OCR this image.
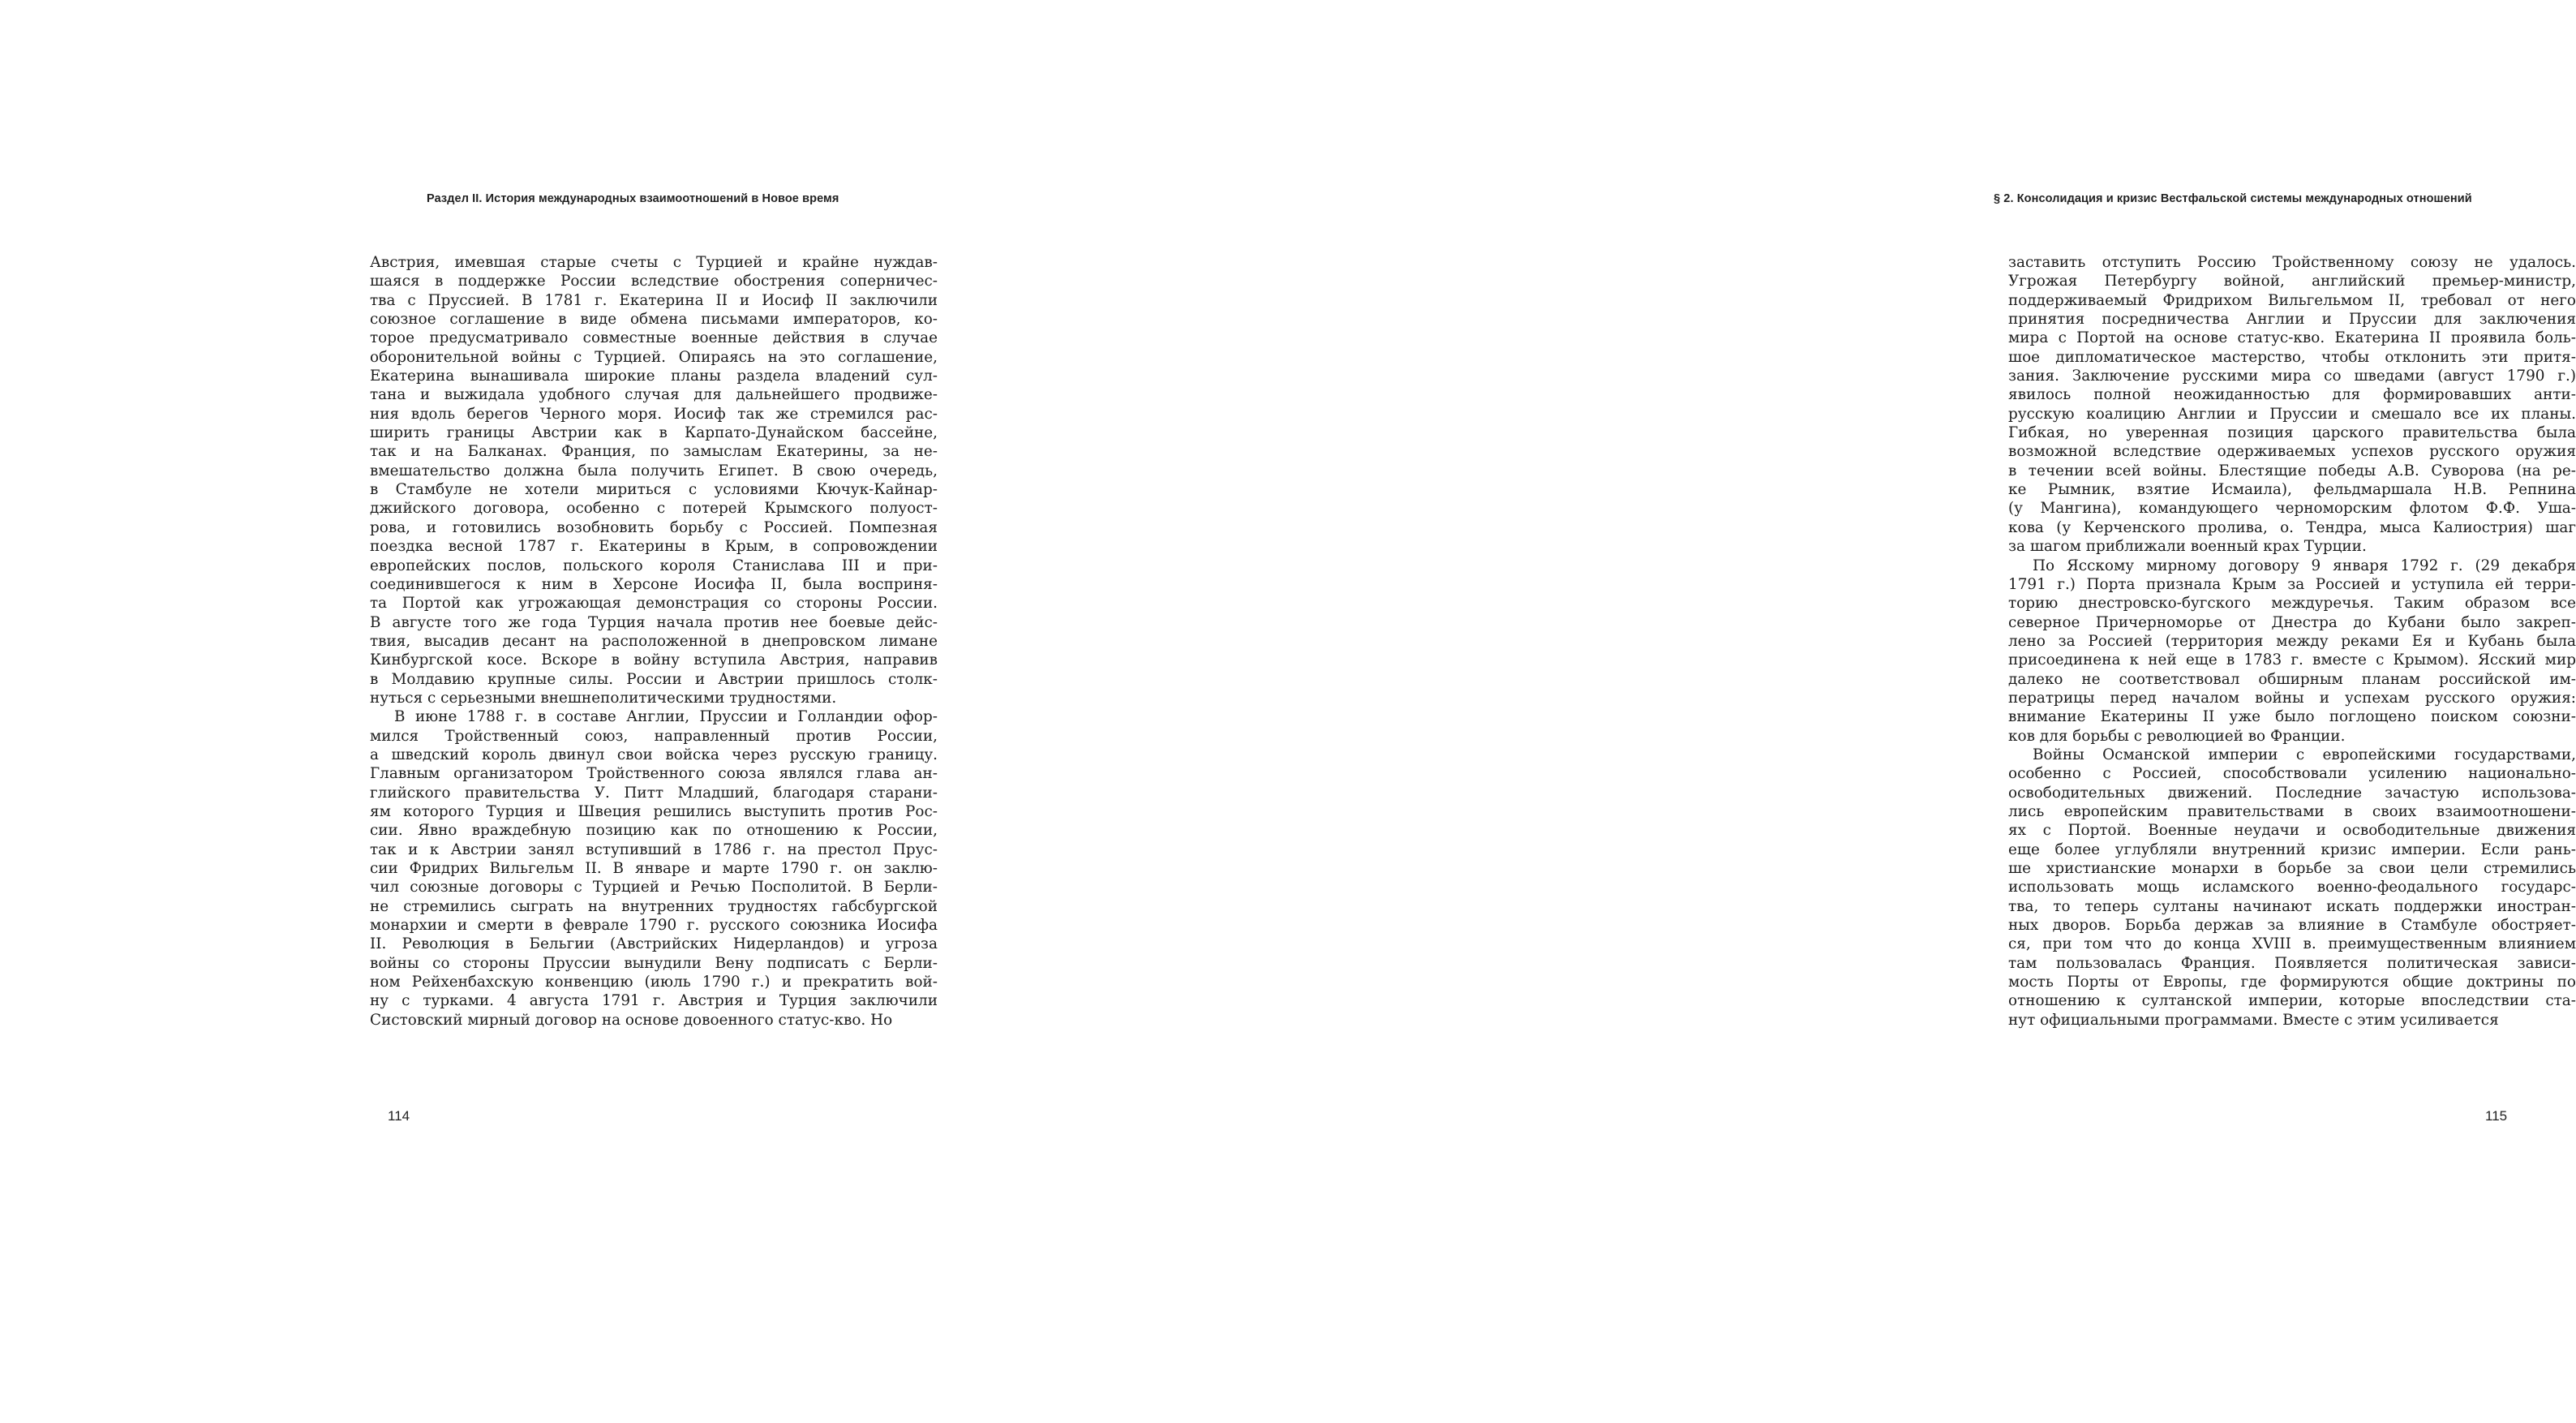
Раздел II. История международных взаимоотношений в Новое время
Австрия, имевшая старые счеты с Турцией и крайне нуждав-
шаяся в поддержке России вследствие обострения соперничес-
тва с Пруссией. В 1781 г. Екатерина II и Иосиф II заключили
союзное соглашение в виде обмена письмами императоров, ко-
торое предусматривало совместные военные действия в случае
оборонительной войны с Турцией. Опираясь на это соглашение,
Екатерина вынашивала широкие планы раздела владений сул-
тана и выжидала удобного случая для дальнейшего продвиже-
ния вдоль берегов Черного моря. Иосиф так же стремился рас-
ширить границы Австрии как в Карпато-Дунайском бассейне,
так и на Балканах. Франция, по замыслам Екатерины, за не-
вмешательство должна была получить Египет. В свою очередь,
в Стамбуле не хотели мириться с условиями Кючук-Кайнар-
джийского договора, особенно с потерей Крымского полуост-
рова, и готовились возобновить борьбу с Россией. Помпезная
поездка весной 1787 г. Екатерины в Крым, в сопровождении
европейских послов, польского короля Станислава III и при-
соединившегося к ним в Херсоне Иосифа II, была восприня-
та Портой как угрожающая демонстрация со стороны России.
В августе того же года Турция начала против нее боевые дейс-
твия, высадив десант на расположенной в днепровском лимане
Кинбургской косе. Вскоре в войну вступила Австрия, направив
в Молдавию крупные силы. России и Австрии пришлось столк-
нуться с серьезными внешнеполитическими трудностями.
В июне 1788 г. в составе Англии, Пруссии и Голландии офор-
мился Тройственный союз, направленный против России,
а шведский король двинул свои войска через русскую границу.
Главным организатором Тройственного союза являлся глава ан-
глийского правительства У. Питт Младший, благодаря старани-
ям которого Турция и Швеция решились выступить против Рос-
сии. Явно враждебную позицию как по отношению к России,
так и к Австрии занял вступивший в 1786 г. на престол Прус-
сии Фридрих Вильгельм II. В январе и марте 1790 г. он заклю-
чил союзные договоры с Турцией и Речью Посполитой. В Берли-
не стремились сыграть на внутренних трудностях габсбургской
монархии и смерти в феврале 1790 г. русского союзника Иосифа
II. Революция в Бельгии (Австрийских Нидерландов) и угроза
войны со стороны Пруссии вынудили Вену подписать с Берли-
ном Рейхенбахскую конвенцию (июль 1790 г.) и прекратить вой-
ну с турками. 4 августа 1791 г. Австрия и Турция заключили
Систовский мирный договор на основе довоенного статус-кво. Но
114
§ 2. Консолидация и кризис Вестфальской системы международных отношений
заставить отступить Россию Тройственному союзу не удалось.
Угрожая Петербургу войной, английский премьер-министр,
поддерживаемый Фридрихом Вильгельмом II, требовал от него
принятия посредничества Англии и Пруссии для заключения
мира с Портой на основе статус-кво. Екатерина II проявила боль-
шое дипломатическое мастерство, чтобы отклонить эти притя-
зания. Заключение русскими мира со шведами (август 1790 г.)
явилось полной неожиданностью для формировавших анти-
русскую коалицию Англии и Пруссии и смешало все их планы.
Гибкая, но уверенная позиция царского правительства была
возможной вследствие одерживаемых успехов русского оружия
в течении всей войны. Блестящие победы А.В. Суворова (на ре-
ке Рымник, взятие Исмаила), фельдмаршала Н.В. Репнина
(у Мангина), командующего черноморским флотом Ф.Ф. Уша-
кова (у Керченского пролива, о. Тендра, мыса Калиострия) шаг
за шагом приближали военный крах Турции.
По Ясскому мирному договору 9 января 1792 г. (29 декабря
1791 г.) Порта признала Крым за Россией и уступила ей терри-
торию днестровско-бугского междуречья. Таким образом все
северное Причерноморье от Днестра до Кубани было закреп-
лено за Россией (территория между реками Ея и Кубань была
присоединена к ней еще в 1783 г. вместе с Крымом). Ясский мир
далеко не соответствовал обширным планам российской им-
ператрицы перед началом войны и успехам русского оружия:
внимание Екатерины II уже было поглощено поиском союзни-
ков для борьбы с революцией во Франции.
Войны Османской империи с европейскими государствами,
особенно с Россией, способствовали усилению национально-
освободительных движений. Последние зачастую использова-
лись европейским правительствами в своих взаимоотношени-
ях с Портой. Военные неудачи и освободительные движения
еще более углубляли внутренний кризис империи. Если рань-
ше христианские монархи в борьбе за свои цели стремились
использовать мощь исламского военно-феодального государс-
тва, то теперь султаны начинают искать поддержки иностран-
ных дворов. Борьба держав за влияние в Стамбуле обостряет-
ся, при том что до конца XVIII в. преимущественным влиянием
там пользовалась Франция. Появляется политическая зависи-
мость Порты от Европы, где формируются общие доктрины по
отношению к султанской империи, которые впоследствии ста-
нут официальными программами. Вместе с этим усиливается
115
